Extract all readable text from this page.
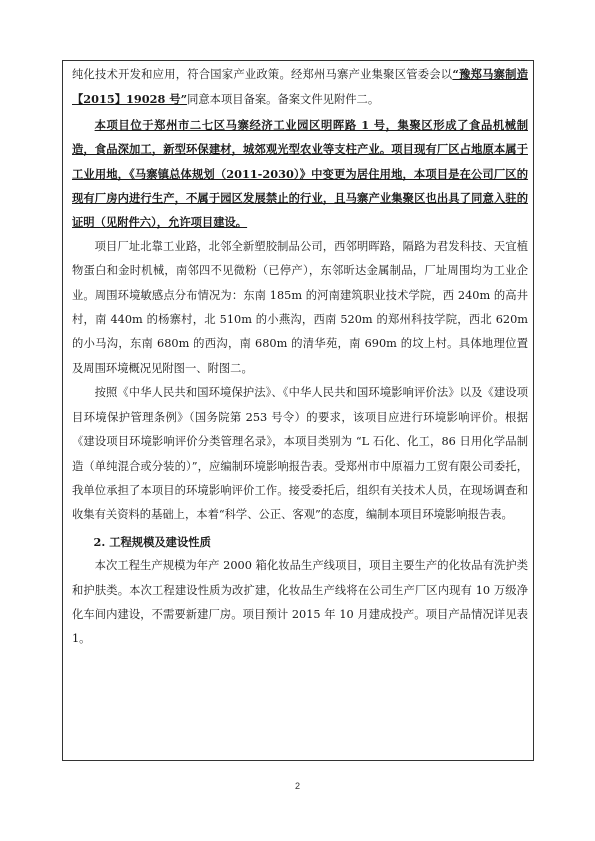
纯化技术开发和应用，符合国家产业政策。经郑州马寨产业集聚区管委会以“豫郑马寨制造【2015】19028 号”同意本项目备案。备案文件见附件二。

本项目位于郑州市二七区马寨经济工业园区明晖路 1 号，集聚区形成了食品机械制造，食品深加工，新型环保建材，城郊观光型农业等支柱产业。项目现有厂区占地原本属于工业用地，《马寨镇总体规划（2011-2030）》中变更为居住用地，本项目是在公司厂区的现有厂房内进行生产，不属于园区发展禁止的行业，且马寨产业集聚区也出具了同意入驻的证明（见附件六），允许项目建设。

项目厂址北靠工业路，北邻全新塑胶制品公司，西邻明晖路，隔路为君发科技、天宜植物蛋白和金时机械，南邻四不见微粉（已停产），东邻昕达金属制品，厂址周围均为工业企业。周围环境敏感点分布情况为：东南 185m 的河南建筑职业技术学院，西 240m 的高井村，南 440m 的杨寨村，北 510m 的小燕沟，西南 520m 的郑州科技学院，西北 620m 的小马沟，东南 680m 的西沟，南 680m 的清华苑，南 690m 的坟上村。具体地理位置及周围环境概况见附图一、附图二。

按照《中华人民共和国环境保护法》、《中华人民共和国环境影响评价法》以及《建设项目环境保护管理条例》（国务院第 253 号令）的要求，该项目应进行环境影响评价。根据《建设项目环境影响评价分类管理名录》，本项目类别为 “L 石化、化工，86 日用化学品制造（单纯混合或分装的）”，应编制环境影响报告表。受郑州市中原福力工贸有限公司委托，我单位承担了本项目的环境影响评价工作。接受委托后，组织有关技术人员，在现场调查和收集有关资料的基础上，本着“科学、公正、客观”的态度，编制本项目环境影响报告表。

2. 工程规模及建设性质

本次工程生产规模为年产 2000 箱化妆品生产线项目，项目主要生产的化妆品有洗护类和护肤类。本次工程建设性质为改扩建，化妆品生产线将在公司生产厂区内现有 10 万级净化车间内建设，不需要新建厂房。项目预计 2015 年 10 月建成投产。项目产品情况详见表 1。

2
